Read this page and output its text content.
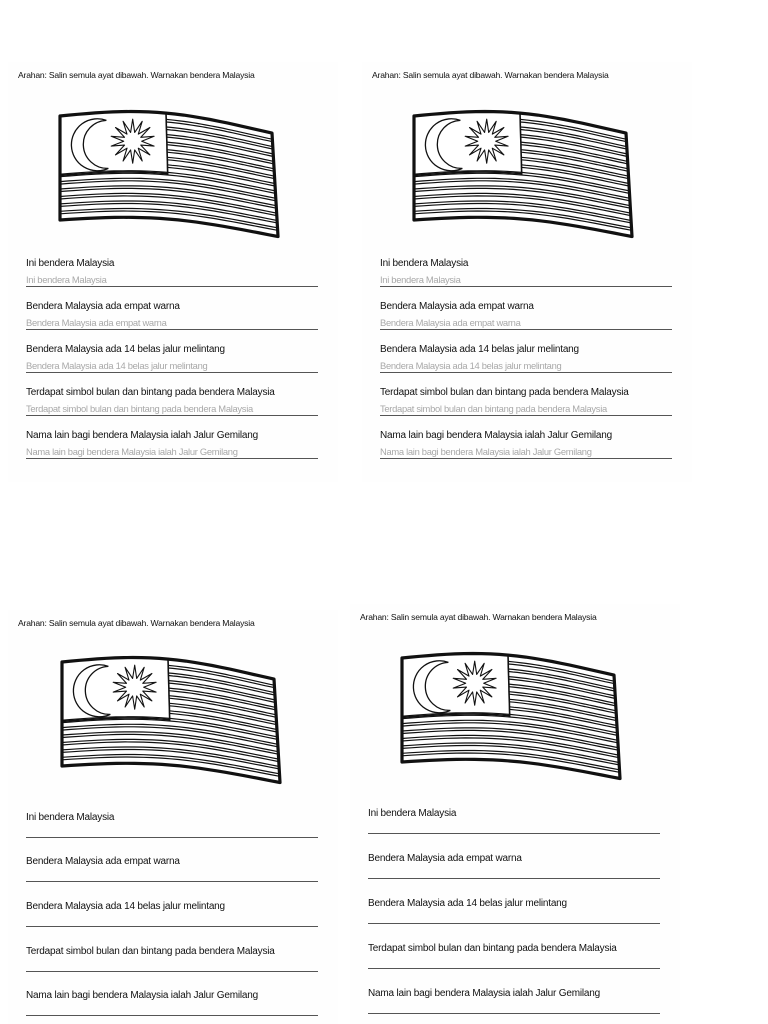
Arahan: Salin semula ayat dibawah. Warnakan bendera Malaysia
Ini bendera Malaysia
Ini bendera Malaysia
Bendera Malaysia ada empat warna
Bendera Malaysia ada empat warna
Bendera Malaysia ada 14 belas jalur melintang
Bendera Malaysia ada 14 belas jalur melintang
Terdapat simbol bulan dan bintang pada bendera Malaysia
Terdapat simbol bulan dan bintang pada bendera Malaysia
Nama lain bagi bendera Malaysia ialah Jalur Gemilang
Nama lain bagi bendera Malaysia ialah Jalur Gemilang
Arahan: Salin semula ayat dibawah. Warnakan bendera Malaysia
Ini bendera Malaysia
Ini bendera Malaysia
Bendera Malaysia ada empat warna
Bendera Malaysia ada empat warna
Bendera Malaysia ada 14 belas jalur melintang
Bendera Malaysia ada 14 belas jalur melintang
Terdapat simbol bulan dan bintang pada bendera Malaysia
Terdapat simbol bulan dan bintang pada bendera Malaysia
Nama lain bagi bendera Malaysia ialah Jalur Gemilang
Nama lain bagi bendera Malaysia ialah Jalur Gemilang
Arahan: Salin semula ayat dibawah. Warnakan bendera Malaysia
Ini bendera Malaysia
Bendera Malaysia ada empat warna
Bendera Malaysia ada 14 belas jalur melintang
Terdapat simbol bulan dan bintang pada bendera Malaysia
Nama lain bagi bendera Malaysia ialah Jalur Gemilang
Arahan: Salin semula ayat dibawah. Warnakan bendera Malaysia
Ini bendera Malaysia
Bendera Malaysia ada empat warna
Bendera Malaysia ada 14 belas jalur melintang
Terdapat simbol bulan dan bintang pada bendera Malaysia
Nama lain bagi bendera Malaysia ialah Jalur Gemilang
